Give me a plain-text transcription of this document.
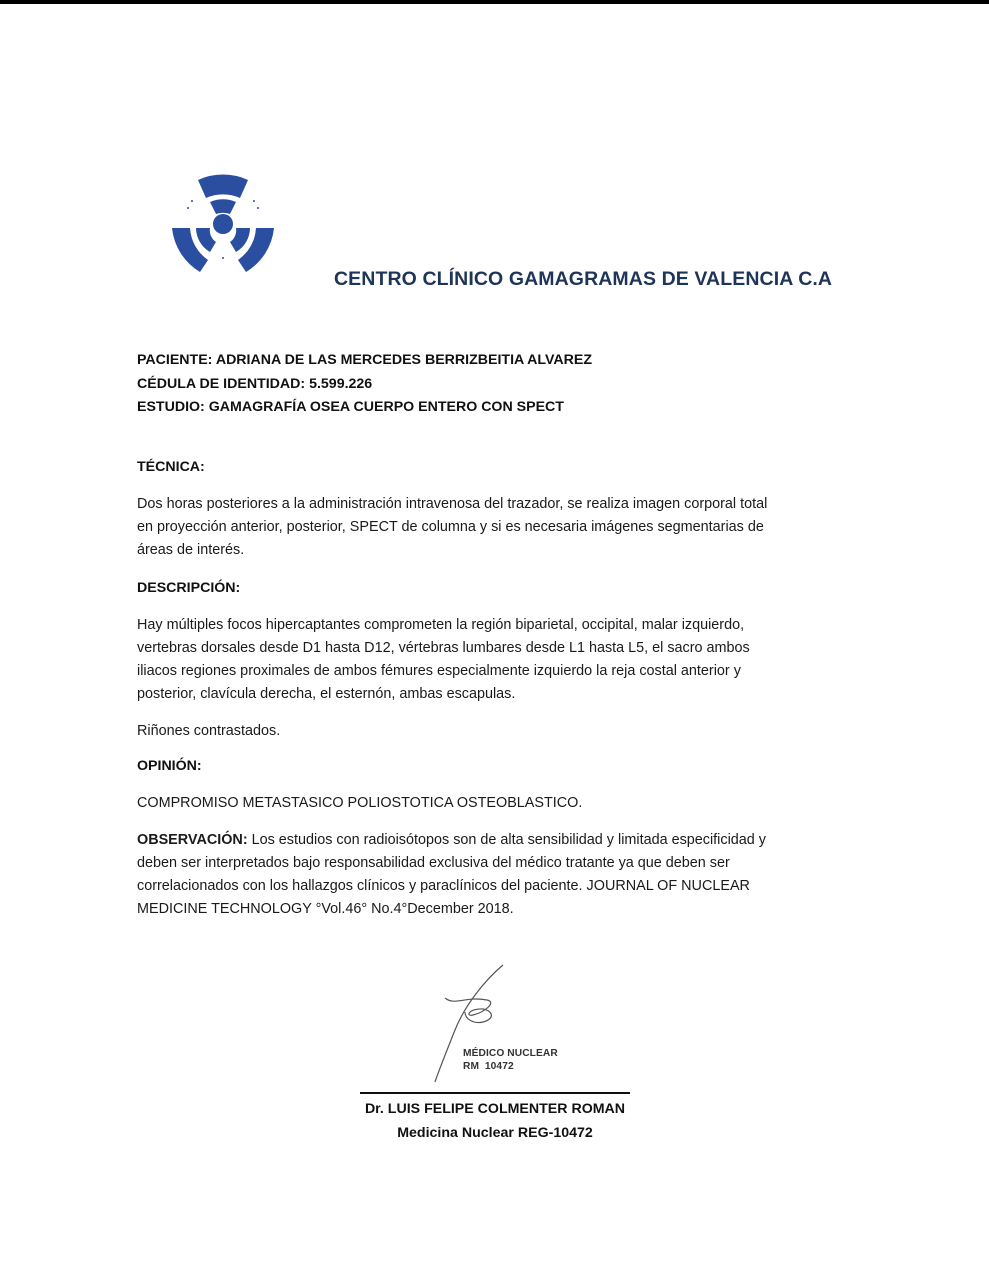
CENTRO CLÍNICO GAMAGRAMAS DE VALENCIA C.A
PACIENTE: ADRIANA DE LAS MERCEDES BERRIZBEITIA ALVAREZ
CÉDULA DE IDENTIDAD: 5.599.226
ESTUDIO: GAMAGRAFÍA OSEA CUERPO ENTERO CON SPECT
TÉCNICA:
Dos horas posteriores a la administración intravenosa del trazador, se realiza imagen corporal total
en proyección anterior, posterior, SPECT de columna y si es necesaria imágenes segmentarias de
áreas de interés.
DESCRIPCIÓN:
Hay múltiples focos hipercaptantes comprometen la región biparietal, occipital, malar izquierdo,
vertebras dorsales desde D1 hasta D12, vértebras lumbares desde L1 hasta L5, el sacro ambos
iliacos regiones proximales de ambos fémures especialmente izquierdo la reja costal anterior y
posterior, clavícula derecha, el esternón, ambas escapulas.
Riñones contrastados.
OPINIÓN:
COMPROMISO METASTASICO POLIOSTOTICA OSTEOBLASTICO.
OBSERVACIÓN: Los estudios con radioisótopos son de alta sensibilidad y limitada especificidad y
deben ser interpretados bajo responsabilidad exclusiva del médico tratante ya que deben ser
correlacionados con los hallazgos clínicos y paraclínicos del paciente. JOURNAL OF NUCLEAR
MEDICINE TECHNOLOGY °Vol.46° No.4°December 2018.
MÉDICO NUCLEAR
RM  10472
Dr. LUIS FELIPE COLMENTER ROMAN
Medicina Nuclear REG-10472
